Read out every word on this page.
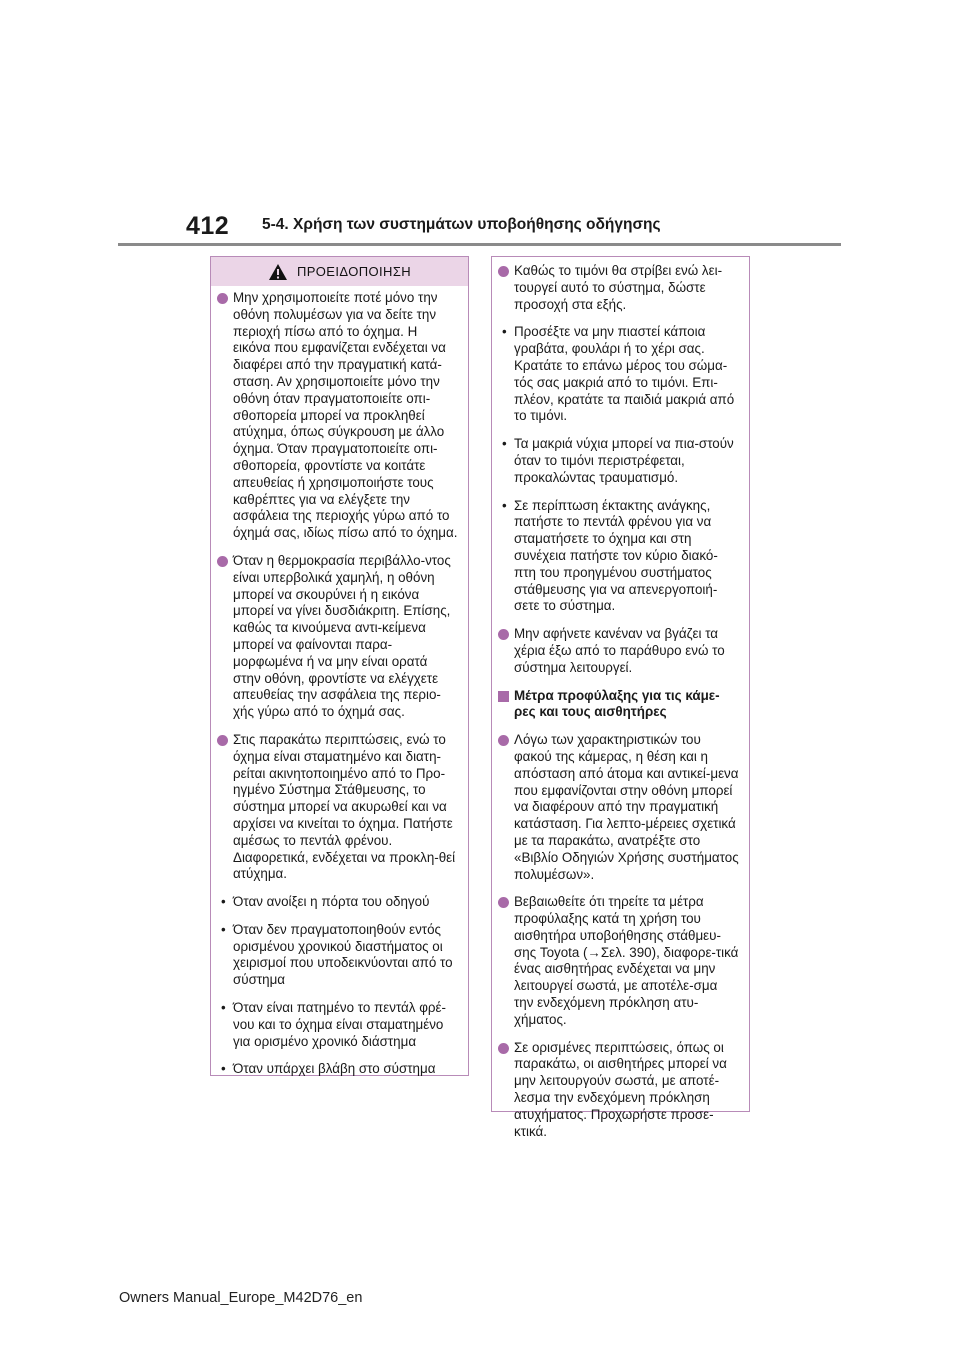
412 5-4. Χρήση των συστημάτων υποβοήθησης οδήγησης
ΠΡΟΕΙΔΟΠΟΙΗΣΗ
Μην χρησιμοποιείτε ποτέ μόνο την οθόνη πολυμέσων για να δείτε την περιοχή πίσω από το όχημα. Η εικόνα που εμφανίζεται ενδέχεται να διαφέρει από την πραγματική κατά-σταση. Αν χρησιμοποιείτε μόνο την οθόνη όταν πραγματοποιείτε οπι-σθοπορεία μπορεί να προκληθεί ατύχημα, όπως σύγκρουση με άλλο όχημα. Όταν πραγματοποιείτε οπι-σθοπορεία, φροντίστε να κοιτάτε απευθείας ή χρησιμοποιήστε τους καθρέπτες για να ελέγξετε την ασφάλεια της περιοχής γύρω από το όχημά σας, ιδίως πίσω από το όχημα.
Όταν η θερμοκρασία περιβάλλο-ντος είναι υπερβολικά χαμηλή, η οθόνη μπορεί να σκουρύνει ή η εικόνα μπορεί να γίνει δυσδιάκριτη. Επίσης, καθώς τα κινούμενα αντι-κείμενα μπορεί να φαίνονται παρα-μορφωμένα ή να μην είναι ορατά στην οθόνη, φροντίστε να ελέγχετε απευθείας την ασφάλεια της περιο-χής γύρω από το όχημά σας.
Στις παρακάτω περιπτώσεις, ενώ το όχημα είναι σταματημένο και διατη-ρείται ακινητοποιημένο από το Προ-ηγμένο Σύστημα Στάθμευσης, το σύστημα μπορεί να ακυρωθεί και να αρχίσει να κινείται το όχημα. Πατήστε αμέσως το πεντάλ φρένου. Διαφορετικά, ενδέχεται να προκλη-θεί ατύχημα.
• Όταν ανοίξει η πόρτα του οδηγού
• Όταν δεν πραγματοποιηθούν εντός ορισμένου χρονικού διαστήματος οι χειρισμοί που υποδεικνύονται από το σύστημα
• Όταν είναι πατημένο το πεντάλ φρέ-νου και το όχημα είναι σταματημένο για ορισμένο χρονικό διάστημα
• Όταν υπάρχει βλάβη στο σύστημα
Καθώς το τιμόνι θα στρίβει ενώ λει-τουργεί αυτό το σύστημα, δώστε προσοχή στα εξής.
• Προσέξτε να μην πιαστεί κάποια γραβάτα, φουλάρι ή το χέρι σας. Κρατάτε το επάνω μέρος του σώμα-τός σας μακριά από το τιμόνι. Επι-πλέον, κρατάτε τα παιδιά μακριά από το τιμόνι.
• Τα μακριά νύχια μπορεί να πια-στούν όταν το τιμόνι περιστρέφεται, προκαλώντας τραυματισμό.
• Σε περίπτωση έκτακτης ανάγκης, πατήστε το πεντάλ φρένου για να σταματήσετε το όχημα και στη συνέχεια πατήστε τον κύριο διακό-πτη του προηγμένου συστήματος στάθμευσης για να απενεργοποιή-σετε το σύστημα.
Μην αφήνετε κανέναν να βγάζει τα χέρια έξω από το παράθυρο ενώ το σύστημα λειτουργεί.
Μέτρα προφύλαξης για τις κάμε-ρες και τους αισθητήρες
Λόγω των χαρακτηριστικών του φακού της κάμερας, η θέση και η απόσταση από άτομα και αντικεί-μενα που εμφανίζονται στην οθόνη μπορεί να διαφέρουν από την πραγματική κατάσταση. Για λεπτο-μέρειες σχετικά με τα παρακάτω, ανατρέξτε στο «Βιβλίο Οδηγιών Χρήσης συστήματος πολυμέσων».
Βεβαιωθείτε ότι τηρείτε τα μέτρα προφύλαξης κατά τη χρήση του αισθητήρα υποβοήθησης στάθμευ-σης Toyota (→Σελ. 390), διαφορε-τικά ένας αισθητήρας ενδέχεται να μην λειτουργεί σωστά, με αποτέλε-σμα την ενδεχόμενη πρόκληση ατυ-χήματος.
Σε ορισμένες περιπτώσεις, όπως οι παρακάτω, οι αισθητήρες μπορεί να μην λειτουργούν σωστά, με αποτέ-λεσμα την ενδεχόμενη πρόκληση ατυχήματος. Προχωρήστε προσε-κτικά.
Owners Manual_Europe_M42D76_en
